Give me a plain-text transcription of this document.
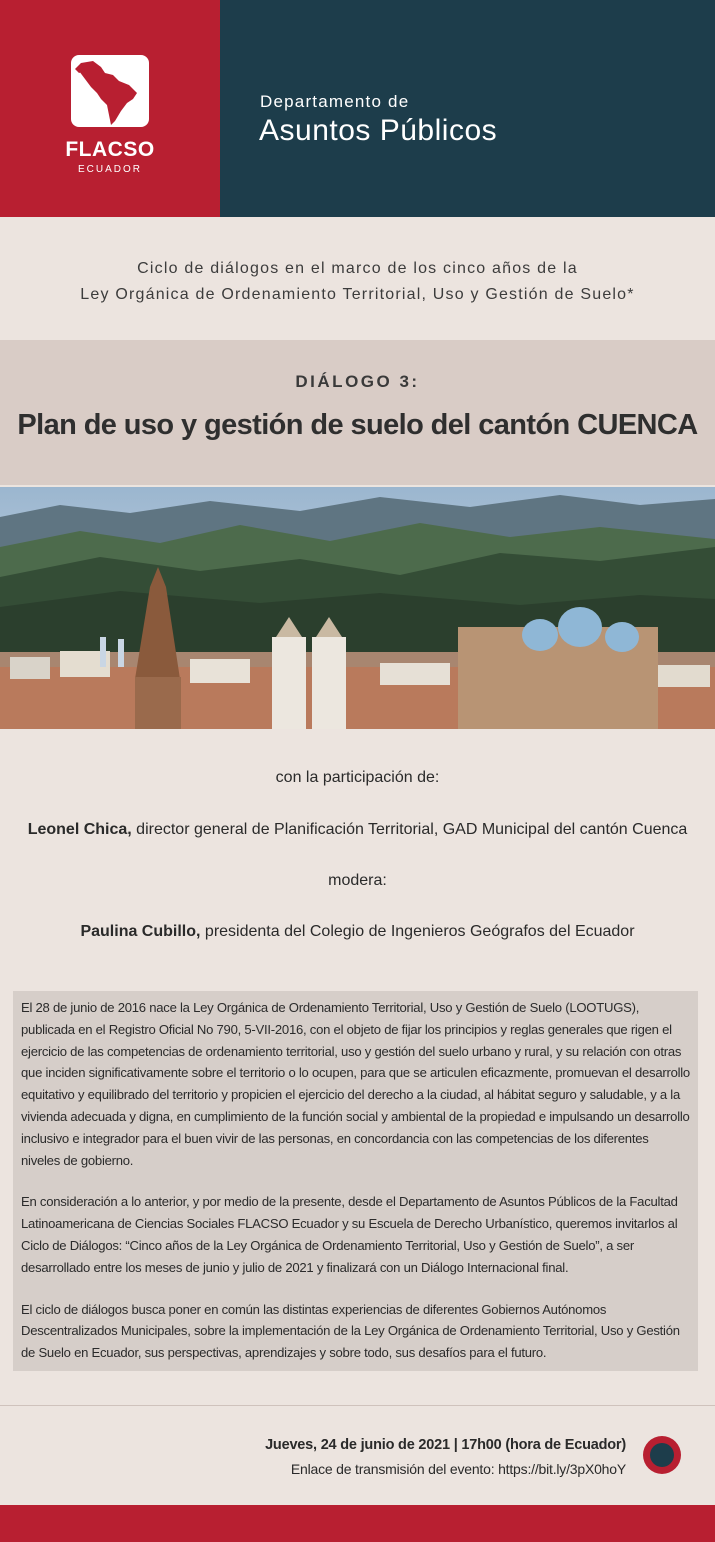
FLACSO
ECUADOR
Departamento de
Asuntos Públicos
Ciclo de diálogos en el marco de los cinco años de la
Ley Orgánica de Ordenamiento Territorial, Uso y Gestión de Suelo*
DIÁLOGO 3:
Plan de uso y gestión de suelo del cantón CUENCA
con la participación de:
Leonel Chica, director general de Planificación Territorial, GAD Municipal del cantón Cuenca
modera:
Paulina Cubillo, presidenta del Colegio de Ingenieros Geógrafos del Ecuador

El 28 de junio de 2016 nace la Ley Orgánica de Ordenamiento Territorial, Uso y Gestión de Suelo (LOOTUGS), publicada en el Registro Oficial No 790, 5-VII-2016, con el objeto de fijar los principios y reglas generales que rigen el ejercicio de las competencias de ordenamiento territorial, uso y gestión del suelo urbano y rural, y su relación con otras que inciden significativamente sobre el territorio o lo ocupen, para que se articulen eficazmente, promuevan el desarrollo equitativo y equilibrado del territorio y propicien el ejercicio del derecho a la ciudad, al hábitat seguro y saludable, y a la vivienda adecuada y digna, en cumplimiento de la función social y ambiental de la propiedad e impulsando un desarrollo inclusivo e integrador para el buen vivir de las personas, en concordancia con las competencias de los diferentes niveles de gobierno.

En consideración a lo anterior, y por medio de la presente, desde el Departamento de Asuntos Públicos de la Facultad Latinoamericana de Ciencias Sociales FLACSO Ecuador y su Escuela de Derecho Urbanístico, queremos invitarlos al Ciclo de Diálogos: “Cinco años de la Ley Orgánica de Ordenamiento Territorial, Uso y Gestión de Suelo”, a ser desarrollado entre los meses de junio y julio de 2021 y finalizará con un Diálogo Internacional final.

El ciclo de diálogos busca poner en común las distintas experiencias de diferentes Gobiernos Autónomos Descentralizados Municipales, sobre la implementación de la Ley Orgánica de Ordenamiento Territorial, Uso y Gestión de Suelo en Ecuador, sus perspectivas, aprendizajes y sobre todo, sus desafíos para el futuro.

Jueves, 24 de junio de 2021 | 17h00 (hora de Ecuador)
Enlace de transmisión del evento: https://bit.ly/3pX0hoY
